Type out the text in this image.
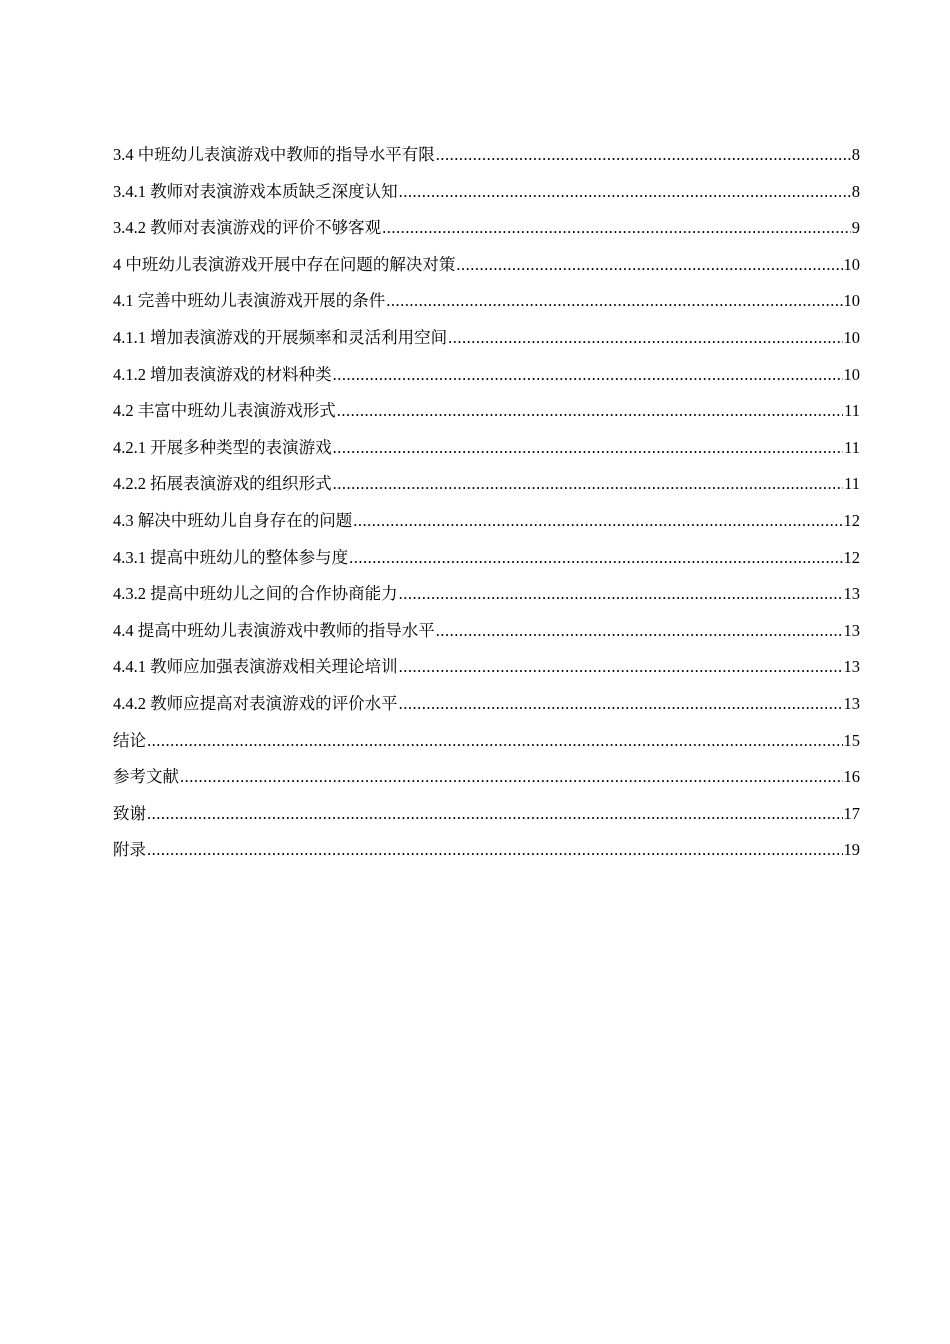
3.4 中班幼儿表演游戏中教师的指导水平有限 .....	8
3.4.1 教师对表演游戏本质缺乏深度认知 .....	8
3.4.2 教师对表演游戏的评价不够客观 .....	9
4 中班幼儿表演游戏开展中存在问题的解决对策 .....	10
4.1 完善中班幼儿表演游戏开展的条件 .....	10
4.1.1 增加表演游戏的开展频率和灵活利用空间 .....	10
4.1.2 增加表演游戏的材料种类 .....	10
4.2 丰富中班幼儿表演游戏形式 .....	11
4.2.1 开展多种类型的表演游戏 .....	11
4.2.2 拓展表演游戏的组织形式 .....	11
4.3 解决中班幼儿自身存在的问题 .....	12
4.3.1 提高中班幼儿的整体参与度 .....	12
4.3.2 提高中班幼儿之间的合作协商能力 .....	13
4.4 提高中班幼儿表演游戏中教师的指导水平 .....	13
4.4.1 教师应加强表演游戏相关理论培训 .....	13
4.4.2 教师应提高对表演游戏的评价水平 .....	13
结论 .....	15
参考文献 .....	16
致谢 .....	17
附录 .....	19
